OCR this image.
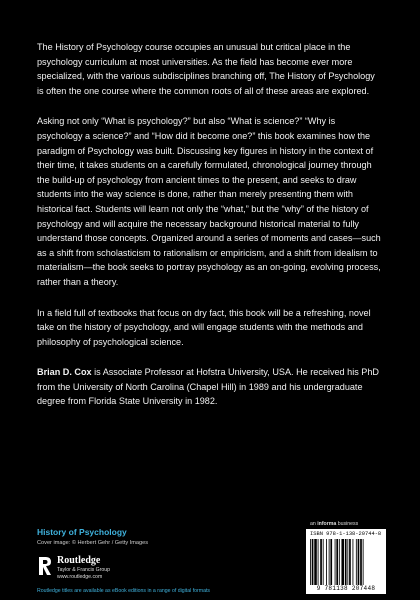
The History of Psychology course occupies an unusual but critical place in the psychology curriculum at most universities. As the field has become ever more specialized, with the various subdisciplines branching off, The History of Psychology is often the one course where the common roots of all of these areas are explored.

Asking not only “What is psychology?” but also “What is science?” “Why is psychology a science?” and “How did it become one?” this book examines how the paradigm of Psychology was built. Discussing key figures in history in the context of their time, it takes students on a carefully formulated, chronological journey through the build-up of psychology from ancient times to the present, and seeks to draw students into the way science is done, rather than merely presenting them with historical fact. Students will learn not only the “what,” but the “why” of the history of psychology and will acquire the necessary background historical material to fully understand those concepts. Organized around a series of moments and cases—such as a shift from scholasticism to rationalism or empiricism, and a shift from idealism to materialism—the book seeks to portray psychology as an on-going, evolving process, rather than a theory.

In a field full of textbooks that focus on dry fact, this book will be a refreshing, novel take on the history of psychology, and will engage students with the methods and philosophy of psychological science.

Brian D. Cox is Associate Professor at Hofstra University, USA. He received his PhD from the University of North Carolina (Chapel Hill) in 1989 and his undergraduate degree from Florida State University in 1982.

History of Psychology
Cover image: © Herbert Gehr / Getty Images
Routledge
Taylor & Francis Group
www.routledge.com
Routledge titles are available as eBook editions in a range of digital formats
an informa business
ISBN 978-1-138-20744-8
9 781138 207448
